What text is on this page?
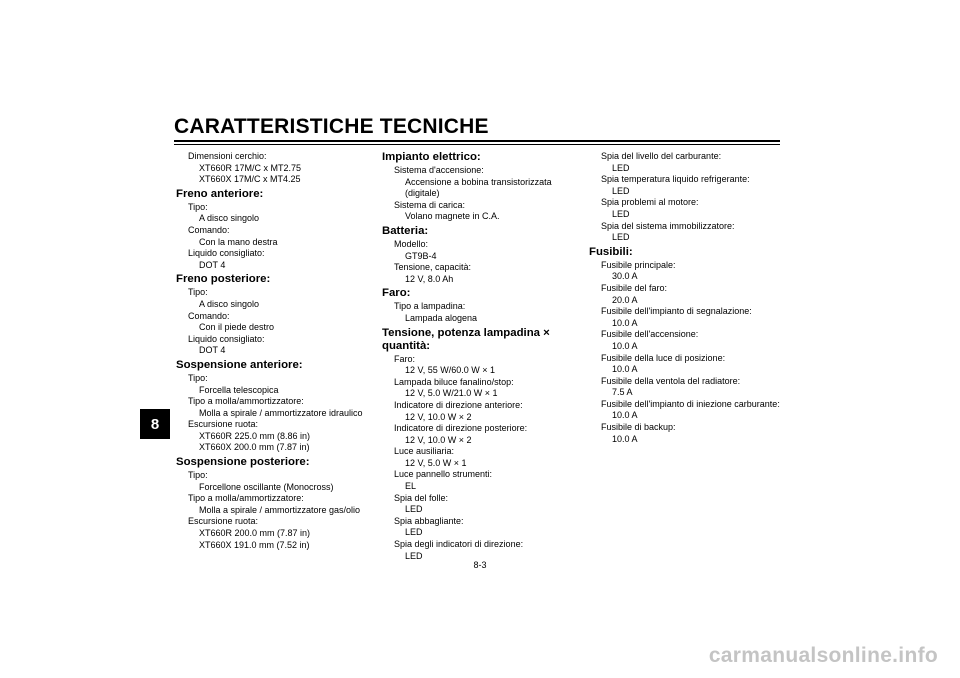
CARATTERISTICHE TECNICHE
8
Dimensioni cerchio:
XT660R 17M/C x MT2.75
XT660X 17M/C x MT4.25
Freno anteriore:
Tipo:
A disco singolo
Comando:
Con la mano destra
Liquido consigliato:
DOT 4
Freno posteriore:
Tipo:
A disco singolo
Comando:
Con il piede destro
Liquido consigliato:
DOT 4
Sospensione anteriore:
Tipo:
Forcella telescopica
Tipo a molla/ammortizzatore:
Molla a spirale / ammortizzatore idraulico
Escursione ruota:
XT660R 225.0 mm (8.86 in)
XT660X 200.0 mm (7.87 in)
Sospensione posteriore:
Tipo:
Forcellone oscillante (Monocross)
Tipo a molla/ammortizzatore:
Molla a spirale / ammortizzatore gas/olio
Escursione ruota:
XT660R 200.0 mm (7.87 in)
XT660X 191.0 mm (7.52 in)
Impianto elettrico:
Sistema d'accensione:
Accensione a bobina transistorizzata
(digitale)
Sistema di carica:
Volano magnete in C.A.
Batteria:
Modello:
GT9B-4
Tensione, capacità:
12 V, 8.0 Ah
Faro:
Tipo a lampadina:
Lampada alogena
Tensione, potenza lampadina × quantità:
Faro:
12 V, 55 W/60.0 W × 1
Lampada biluce fanalino/stop:
12 V, 5.0 W/21.0 W × 1
Indicatore di direzione anteriore:
12 V, 10.0 W × 2
Indicatore di direzione posteriore:
12 V, 10.0 W × 2
Luce ausiliaria:
12 V, 5.0 W × 1
Luce pannello strumenti:
EL
Spia del folle:
LED
Spia abbagliante:
LED
Spia degli indicatori di direzione:
LED
Spia del livello del carburante:
LED
Spia temperatura liquido refrigerante:
LED
Spia problemi al motore:
LED
Spia del sistema immobilizzatore:
LED
Fusibili:
Fusibile principale:
30.0 A
Fusibile del faro:
20.0 A
Fusibile dell'impianto di segnalazione:
10.0 A
Fusibile dell'accensione:
10.0 A
Fusibile della luce di posizione:
10.0 A
Fusibile della ventola del radiatore:
7.5 A
Fusibile dell'impianto di iniezione carburante:
10.0 A
Fusibile di backup:
10.0 A
8-3
carmanualsonline.info
